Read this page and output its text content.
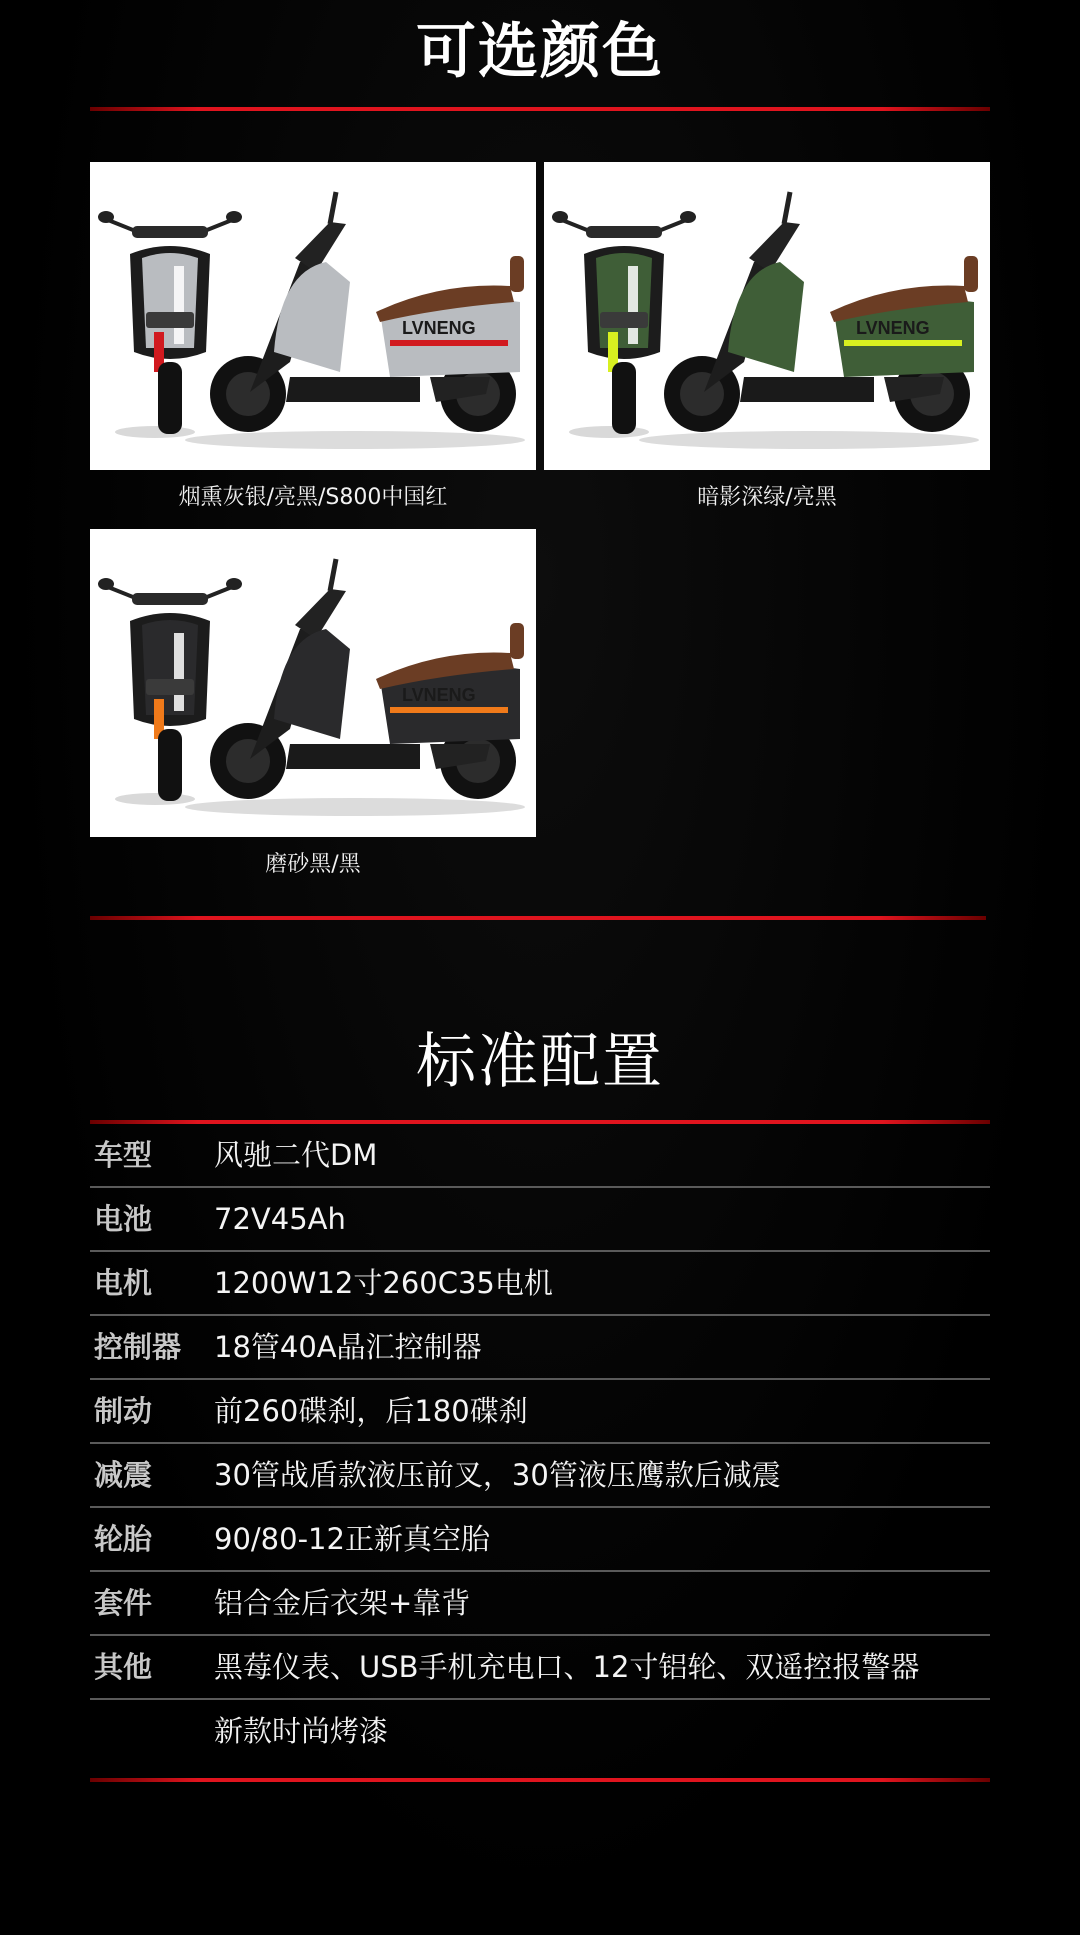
可选颜色
LVNENG
烟熏灰银/亮黑/S800中国红
LVNENG
暗影深绿/亮黑
LVNENG
磨砂黑/黑
标准配置
车型 风驰二代DM
电池 72V45Ah
电机 1200W12寸260C35电机
控制器 18管40A晶汇控制器
制动 前260碟刹，后180碟刹
减震 30管战盾款液压前叉，30管液压鹰款后减震
轮胎 90/80-12正新真空胎
套件 铝合金后衣架+靠背
其他 黑莓仪表、USB手机充电口、12寸铝轮、双遥控报警器
新款时尚烤漆
